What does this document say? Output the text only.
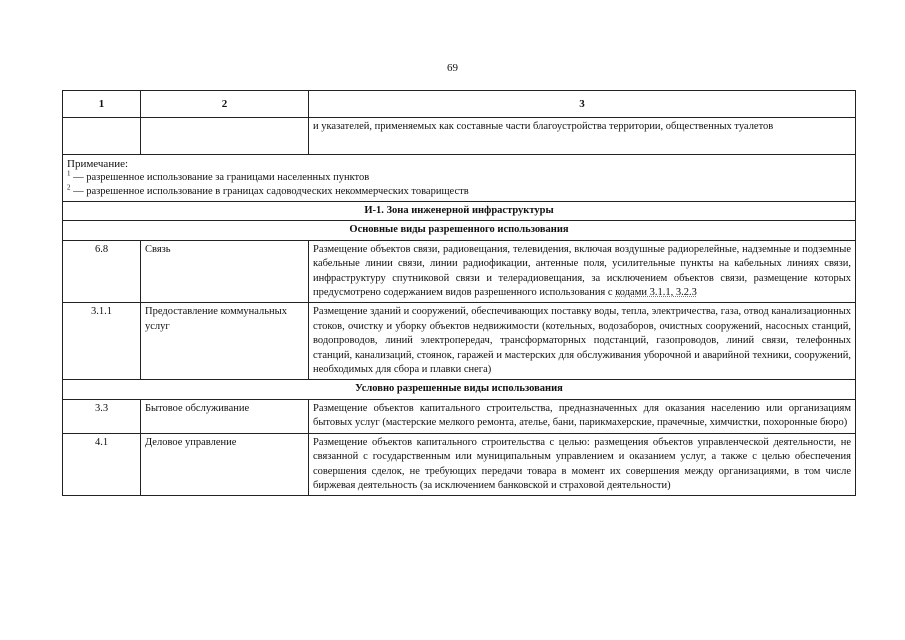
69
1	2	3
		и указателей, применяемых как составные части благоустройства территории, общественных туалетов

Примечание:
$^1$ — разрешенное использование за границами населенных пунктов
$^2$ — разрешенное использование в границах садоводческих некоммерческих товариществ		

И-1. Зона инженерной инфраструктуры		
Основные виды разрешенного использования		
6.8	Связь	Размещение объектов связи, радиовещания, телевидения, включая воздушные радиорелейные, надземные и подземные кабельные линии связи, линии радиофикации, антенные поля, усилительные пункты на кабельных линиях связи, инфраструктуру спутниковой связи и телерадиовещания, за исключением объектов связи, размещение которых предусмотрено содержанием видов разрешенного использования с кодами 3.1.1, 3.2.3
3.1.1	Предоставление коммунальных услуг	Размещение зданий и сооружений, обеспечивающих поставку воды, тепла, электричества, газа, отвод канализационных стоков, очистку и уборку объектов недвижимости (котельных, водозаборов, очистных сооружений, насосных станций, водопроводов, линий электропередач, трансформаторных подстанций, газопроводов, линий связи, телефонных станций, канализаций, стоянок, гаражей и мастерских для обслуживания уборочной и аварийной техники, сооружений, необходимых для сбора и плавки снега)
Условно разрешенные виды использования		
3.3	Бытовое обслуживание	Размещение объектов капитального строительства, предназначенных для оказания населению или организациям бытовых услуг (мастерские мелкого ремонта, ателье, бани, парикмахерские, прачечные, химчистки, похоронные бюро)
4.1	Деловое управление	Размещение объектов капитального строительства с целью: размещения объектов управленческой деятельности, не связанной с государственным или муниципальным управлением и оказанием услуг, а также с целью обеспечения совершения сделок, не требующих передачи товара в момент их совершения между организациями, в том числе биржевая деятельность (за исключением банковской и страховой деятельности)
